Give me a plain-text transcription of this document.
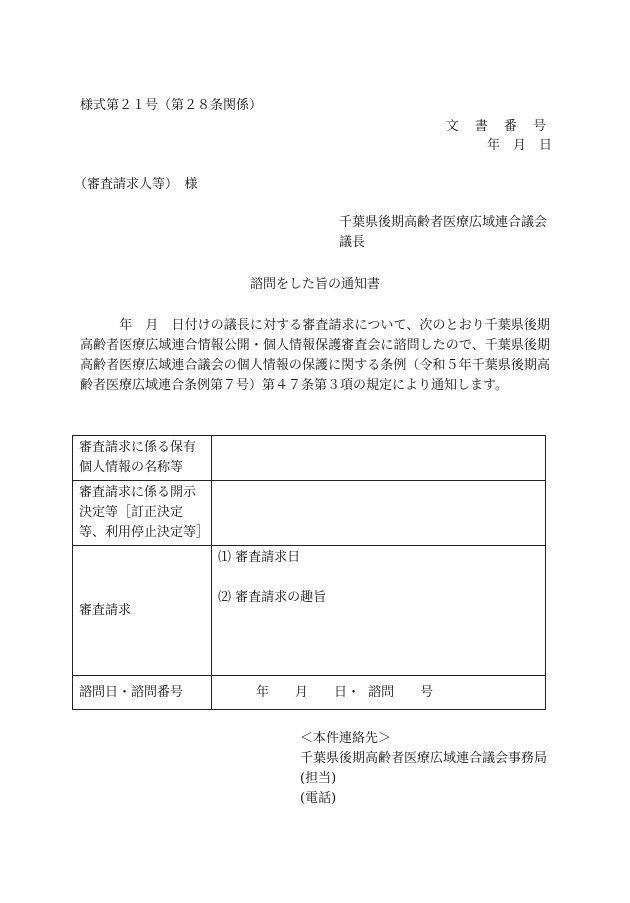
様式第２１号（第２８条関係）
文 書 番 号
年　月　日
（審査請求人等）　様
千葉県後期高齢者医療広域連合議会
議長
諮問をした旨の通知書
　　　年　月　日付けの議長に対する審査請求について、次のとおり千葉県後期高齢者医療広域連合情報公開・個人情報保護審査会に諮問したので、千葉県後期高齢者医療広域連合議会の個人情報の保護に関する条例（令和５年千葉県後期高齢者医療広域連合条例第７号）第４７条第３項の規定により通知します。
審査請求に係る保有個人情報の名称等	
審査請求に係る開示決定等［訂正決定等、利用停止決定等］	
審査請求	⑴ 審査請求日
⑵ 審査請求の趣旨

諮問日・諮問番号	年　　月　　日・ 諮問　　号
＜本件連絡先＞
千葉県後期高齢者医療広域連合議会事務局
(担当)
(電話)
